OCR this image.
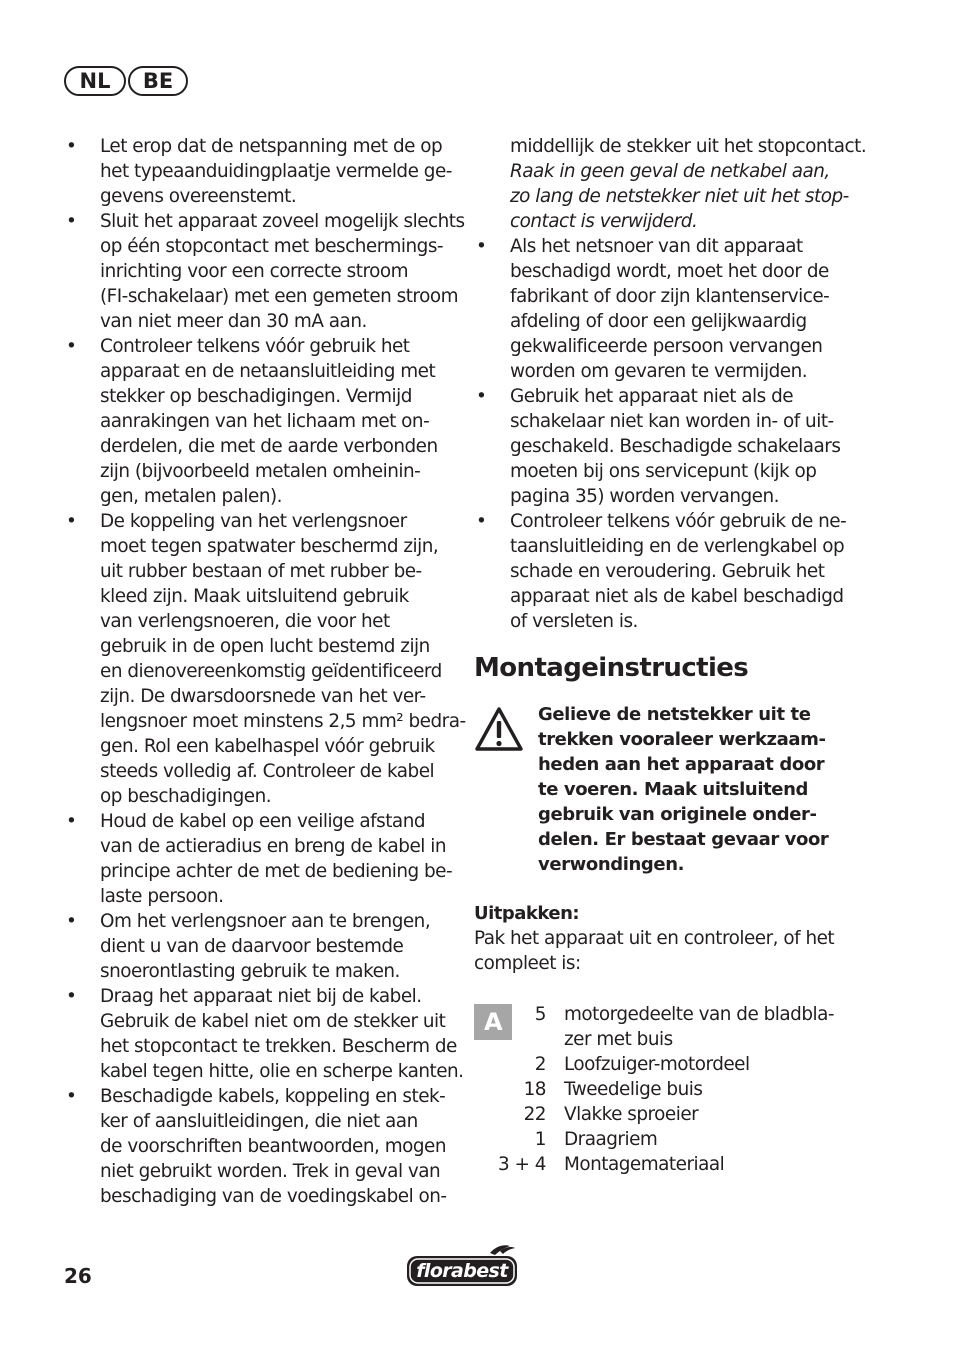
NL	BE
• Let erop dat de netspanning met de op
het typeaanduidingplaatje vermelde ge-
gevens overeenstemt.
• Sluit het apparaat zoveel mogelijk slechts
op één stopcontact met beschermings-
inrichting voor een correcte stroom
(FI-schakelaar) met een gemeten stroom
van niet meer dan 30 mA aan.
• Controleer telkens vóór gebruik het
apparaat en de netaansluitleiding met
stekker op beschadigingen. Vermijd
aanrakingen van het lichaam met on-
derdelen, die met de aarde verbonden
zijn (bijvoorbeeld metalen omheinin-
gen, metalen palen).
• De koppeling van het verlengsnoer
moet tegen spatwater beschermd zijn,
uit rubber bestaan of met rubber be-
kleed zijn. Maak uitsluitend gebruik
van verlengsnoeren, die voor het
gebruik in de open lucht bestemd zijn
en dienovereenkomstig geïdentificeerd
zijn. De dwarsdoorsnede van het ver-
lengsnoer moet minstens 2,5 mm² bedra-
gen. Rol een kabelhaspel vóór gebruik
steeds volledig af. Controleer de kabel
op beschadigingen.
• Houd de kabel op een veilige afstand
van de actieradius en breng de kabel in
principe achter de met de bediening be-
laste persoon.
• Om het verlengsnoer aan te brengen,
dient u van de daarvoor bestemde
snoerontlasting gebruik te maken.
• Draag het apparaat niet bij de kabel.
Gebruik de kabel niet om de stekker uit
het stopcontact te trekken. Bescherm de
kabel tegen hitte, olie en scherpe kanten.
• Beschadigde kabels, koppeling en stek-
ker of aansluitleidingen, die niet aan
de voorschriften beantwoorden, mogen
niet gebruikt worden. Trek in geval van
beschadiging van de voedingskabel on-
middellijk de stekker uit het stopcontact.
Raak in geen geval de netkabel aan,
zo lang de netstekker niet uit het stop-
contact is verwijderd.
• Als het netsnoer van dit apparaat
beschadigd wordt, moet het door de
fabrikant of door zijn klantenservice-
afdeling of door een gelijkwaardig
gekwalificeerde persoon vervangen
worden om gevaren te vermijden.
• Gebruik het apparaat niet als de
schakelaar niet kan worden in- of uit-
geschakeld. Beschadigde schakelaars
moeten bij ons servicepunt (kijk op
pagina 35) worden vervangen.
• Controleer telkens vóór gebruik de ne-
taansluitleiding en de verlengkabel op
schade en veroudering. Gebruik het
apparaat niet als de kabel beschadigd
of versleten is.
Montageinstructies
Gelieve de netstekker uit te
trekken vooraleer werkzaam-
heden aan het apparaat door
te voeren. Maak uitsluitend
gebruik van originele onder-
delen. Er bestaat gevaar voor
verwondingen.
Uitpakken:
Pak het apparaat uit en controleer, of het
compleet is:
A	5 motorgedeelte van de bladbla-
zer met buis
2 Loofzuiger-motordeel
18 Tweedelige buis
22 Vlakke sproeier
1 Draagriem
3 + 4 Montagemateriaal
26	florabest
